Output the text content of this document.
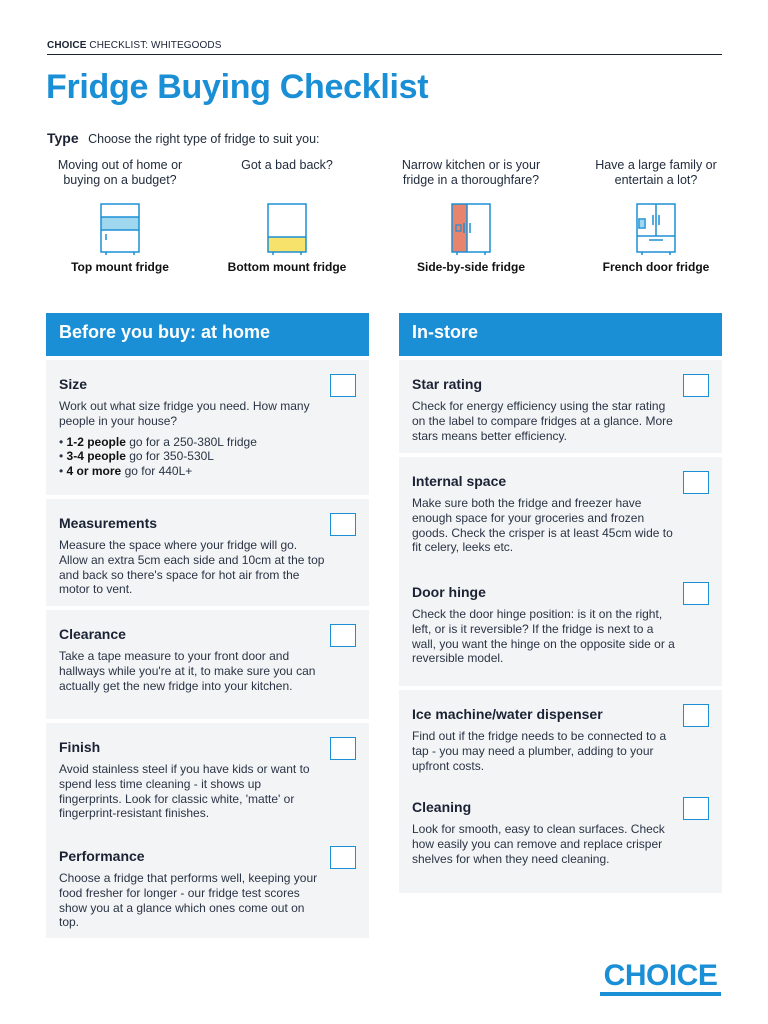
CHOICE CHECKLIST: WHITEGOODS
Fridge Buying Checklist
Type Choose the right type of fridge to suit you:
Moving out of home or buying on a budget?
Top mount fridge
Got a bad back?
Bottom mount fridge
Narrow kitchen or is your fridge in a thoroughfare?
Side-by-side fridge
Have a large family or entertain a lot?
French door fridge
Before you buy: at home
Size

Work out what size fridge you need. How many people in your house?

• 1-2 people go for a 250-380L fridge
• 3-4 people go for 350-530L
• 4 or more go for 440L+
Measurements

Measure the space where your fridge will go. Allow an extra 5cm each side and 10cm at the top and back so there's space for hot air from the motor to vent.

Clearance

Take a tape measure to your front door and hallways while you're at it, to make sure you can actually get the new fridge into your kitchen.

Finish

Avoid stainless steel if you have kids or want to spend less time cleaning - it shows up fingerprints. Look for classic white, 'matte' or fingerprint-resistant finishes.

Performance

Choose a fridge that performs well, keeping your food fresher for longer - our fridge test scores show you at a glance which ones come out on top.

In-store
Star rating

Check for energy efficiency using the star rating on the label to compare fridges at a glance. More stars means better efficiency.

Internal space

Make sure both the fridge and freezer have enough space for your groceries and frozen goods. Check the crisper is at least 45cm wide to fit celery, leeks etc.

Door hinge

Check the door hinge position: is it on the right, left, or is it reversible? If the fridge is next to a wall, you want the hinge on the opposite side or a reversible model.

Ice machine/water dispenser

Find out if the fridge needs to be connected to a tap - you may need a plumber, adding to your upfront costs.

Cleaning

Look for smooth, easy to clean surfaces. Check how easily you can remove and replace crisper shelves for when they need cleaning.

CHOICE
